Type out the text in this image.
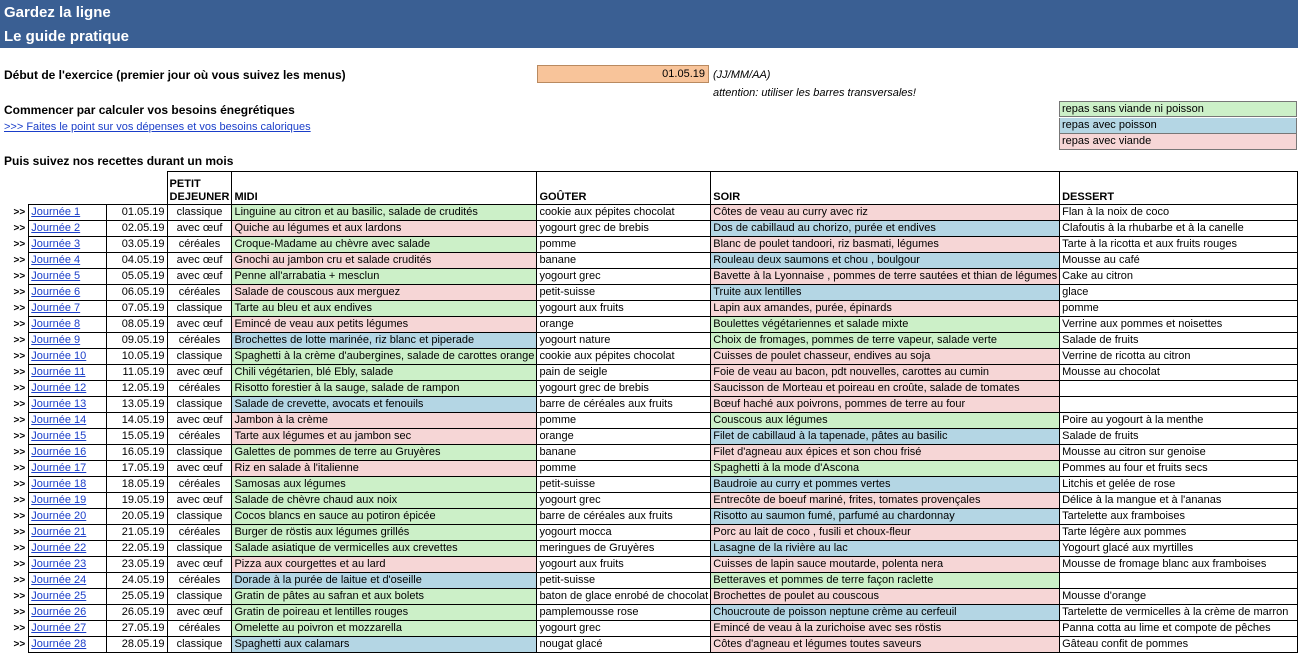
Gardez la ligne
Le guide pratique
Début de l'exercice (premier jour où vous suivez les menus)	01.05.19 (JJ/MM/AA)
attention: utiliser les barres transversales!
Commencer par calculer vos besoins énegrétiques
>>> Faites le point sur vos dépenses et vos besoins caloriques
Puis suivez nos recettes durant un mois
repas sans viande ni poisson
repas avec poisson
repas avec viande
			PETIT DEJEUNER	MIDI	GOÛTER	SOIR	DESSERT
>>	Journée 1	01.05.19	classique	Linguine au citron et au basilic, salade de crudités	cookie aux pépites chocolat	Côtes de veau au curry avec riz	Flan à la noix de coco
>>	Journée 2	02.05.19	avec œuf	Quiche au légumes et aux lardons	yogourt grec de brebis	Dos de cabillaud au chorizo, purée et endives	Clafoutis à la rhubarbe et à la canelle
>>	Journée 3	03.05.19	céréales	Croque-Madame au chèvre avec salade	pomme	Blanc de poulet tandoori, riz basmati, légumes	Tarte à la ricotta et aux fruits rouges
>>	Journée 4	04.05.19	avec œuf	Gnochi au jambon cru et salade crudités	banane	Rouleau deux saumons et chou , boulgour	Mousse au café
>>	Journée 5	05.05.19	avec œuf	Penne all'arrabatia + mesclun	yogourt grec	Bavette à la Lyonnaise , pommes de terre sautées et thian de légumes	Cake au citron
>>	Journée 6	06.05.19	céréales	Salade de couscous aux merguez	petit-suisse	Truite aux lentilles	glace
>>	Journée 7	07.05.19	classique	Tarte au bleu et aux endives	yogourt aux fruits	Lapin aux amandes, purée, épinards	pomme
>>	Journée 8	08.05.19	avec œuf	Emincé de veau aux petits légumes	orange	Boulettes végétariennes et salade mixte	Verrine aux pommes et noisettes
>>	Journée 9	09.05.19	céréales	Brochettes de lotte marinée, riz blanc et piperade	yogourt nature	Choix de fromages, pommes de terre vapeur, salade verte	Salade de fruits
>>	Journée 10	10.05.19	classique	Spaghetti à la crème d'aubergines, salade de carottes orange	cookie aux pépites chocolat	Cuisses de poulet chasseur, endives au soja	Verrine de ricotta au citron
>>	Journée 11	11.05.19	avec œuf	Chili végétarien, blé Ebly, salade	pain de seigle	Foie de veau au bacon, pdt nouvelles, carottes au cumin	Mousse au chocolat
>>	Journée 12	12.05.19	céréales	Risotto forestier à la sauge, salade de rampon	yogourt grec de brebis	Saucisson de Morteau et poireau en croûte, salade de tomates	
>>	Journée 13	13.05.19	classique	Salade de crevette, avocats et fenouils	barre de céréales aux fruits	Bœuf haché aux poivrons, pommes de terre au four	
>>	Journée 14	14.05.19	avec œuf	Jambon à la crème	pomme	Couscous aux légumes	Poire au yogourt à la menthe
>>	Journée 15	15.05.19	céréales	Tarte aux légumes et au jambon sec	orange	Filet de cabillaud à la tapenade, pâtes au basilic	Salade de fruits
>>	Journée 16	16.05.19	classique	Galettes de pommes de terre au Gruyères	banane	Filet d'agneau aux épices et son chou frisé	Mousse au citron sur genoise
>>	Journée 17	17.05.19	avec œuf	Riz en salade à l'italienne	pomme	Spaghetti à la mode d'Ascona	Pommes au four et fruits secs
>>	Journée 18	18.05.19	céréales	Samosas aux légumes	petit-suisse	Baudroie au curry et pommes vertes	Litchis et gelée de rose
>>	Journée 19	19.05.19	avec œuf	Salade de chèvre chaud aux noix	yogourt grec	Entrecôte de boeuf mariné, frites, tomates provençales	Délice à la mangue et à l'ananas
>>	Journée 20	20.05.19	classique	Cocos blancs en sauce au potiron épicée	barre de céréales aux fruits	Risotto au saumon fumé, parfumé au chardonnay	Tartelette aux framboises
>>	Journée 21	21.05.19	céréales	Burger de röstis aux légumes grillés	yogourt mocca	Porc au lait de coco , fusili et choux-fleur	Tarte légère aux pommes
>>	Journée 22	22.05.19	classique	Salade asiatique de vermicelles aux crevettes	meringues de Gruyères	Lasagne de la rivière au lac	Yogourt glacé aux myrtilles
>>	Journée 23	23.05.19	avec œuf	Pizza aux courgettes et au lard	yogourt aux fruits	Cuisses de lapin sauce moutarde, polenta nera	Mousse de fromage blanc aux framboises
>>	Journée 24	24.05.19	céréales	Dorade à la purée de laitue et d'oseille	petit-suisse	Betteraves et pommes de terre façon raclette	
>>	Journée 25	25.05.19	classique	Gratin de pâtes au safran et aux bolets	baton de glace enrobé de chocolat	Brochettes de poulet au couscous	Mousse d'orange
>>	Journée 26	26.05.19	avec œuf	Gratin de poireau et lentilles rouges	pamplemousse rose	Choucroute de poisson neptune crème au cerfeuil	Tartelette de vermicelles à la crème de marron
>>	Journée 27	27.05.19	céréales	Omelette au poivron et mozzarella	yogourt grec	Emincé de veau à la zurichoise avec ses röstis	Panna cotta au lime et compote de pêches
>>	Journée 28	28.05.19	classique	Spaghetti aux calamars	nougat glacé	Côtes d'agneau et légumes toutes saveurs	Gâteau confit de pommes
